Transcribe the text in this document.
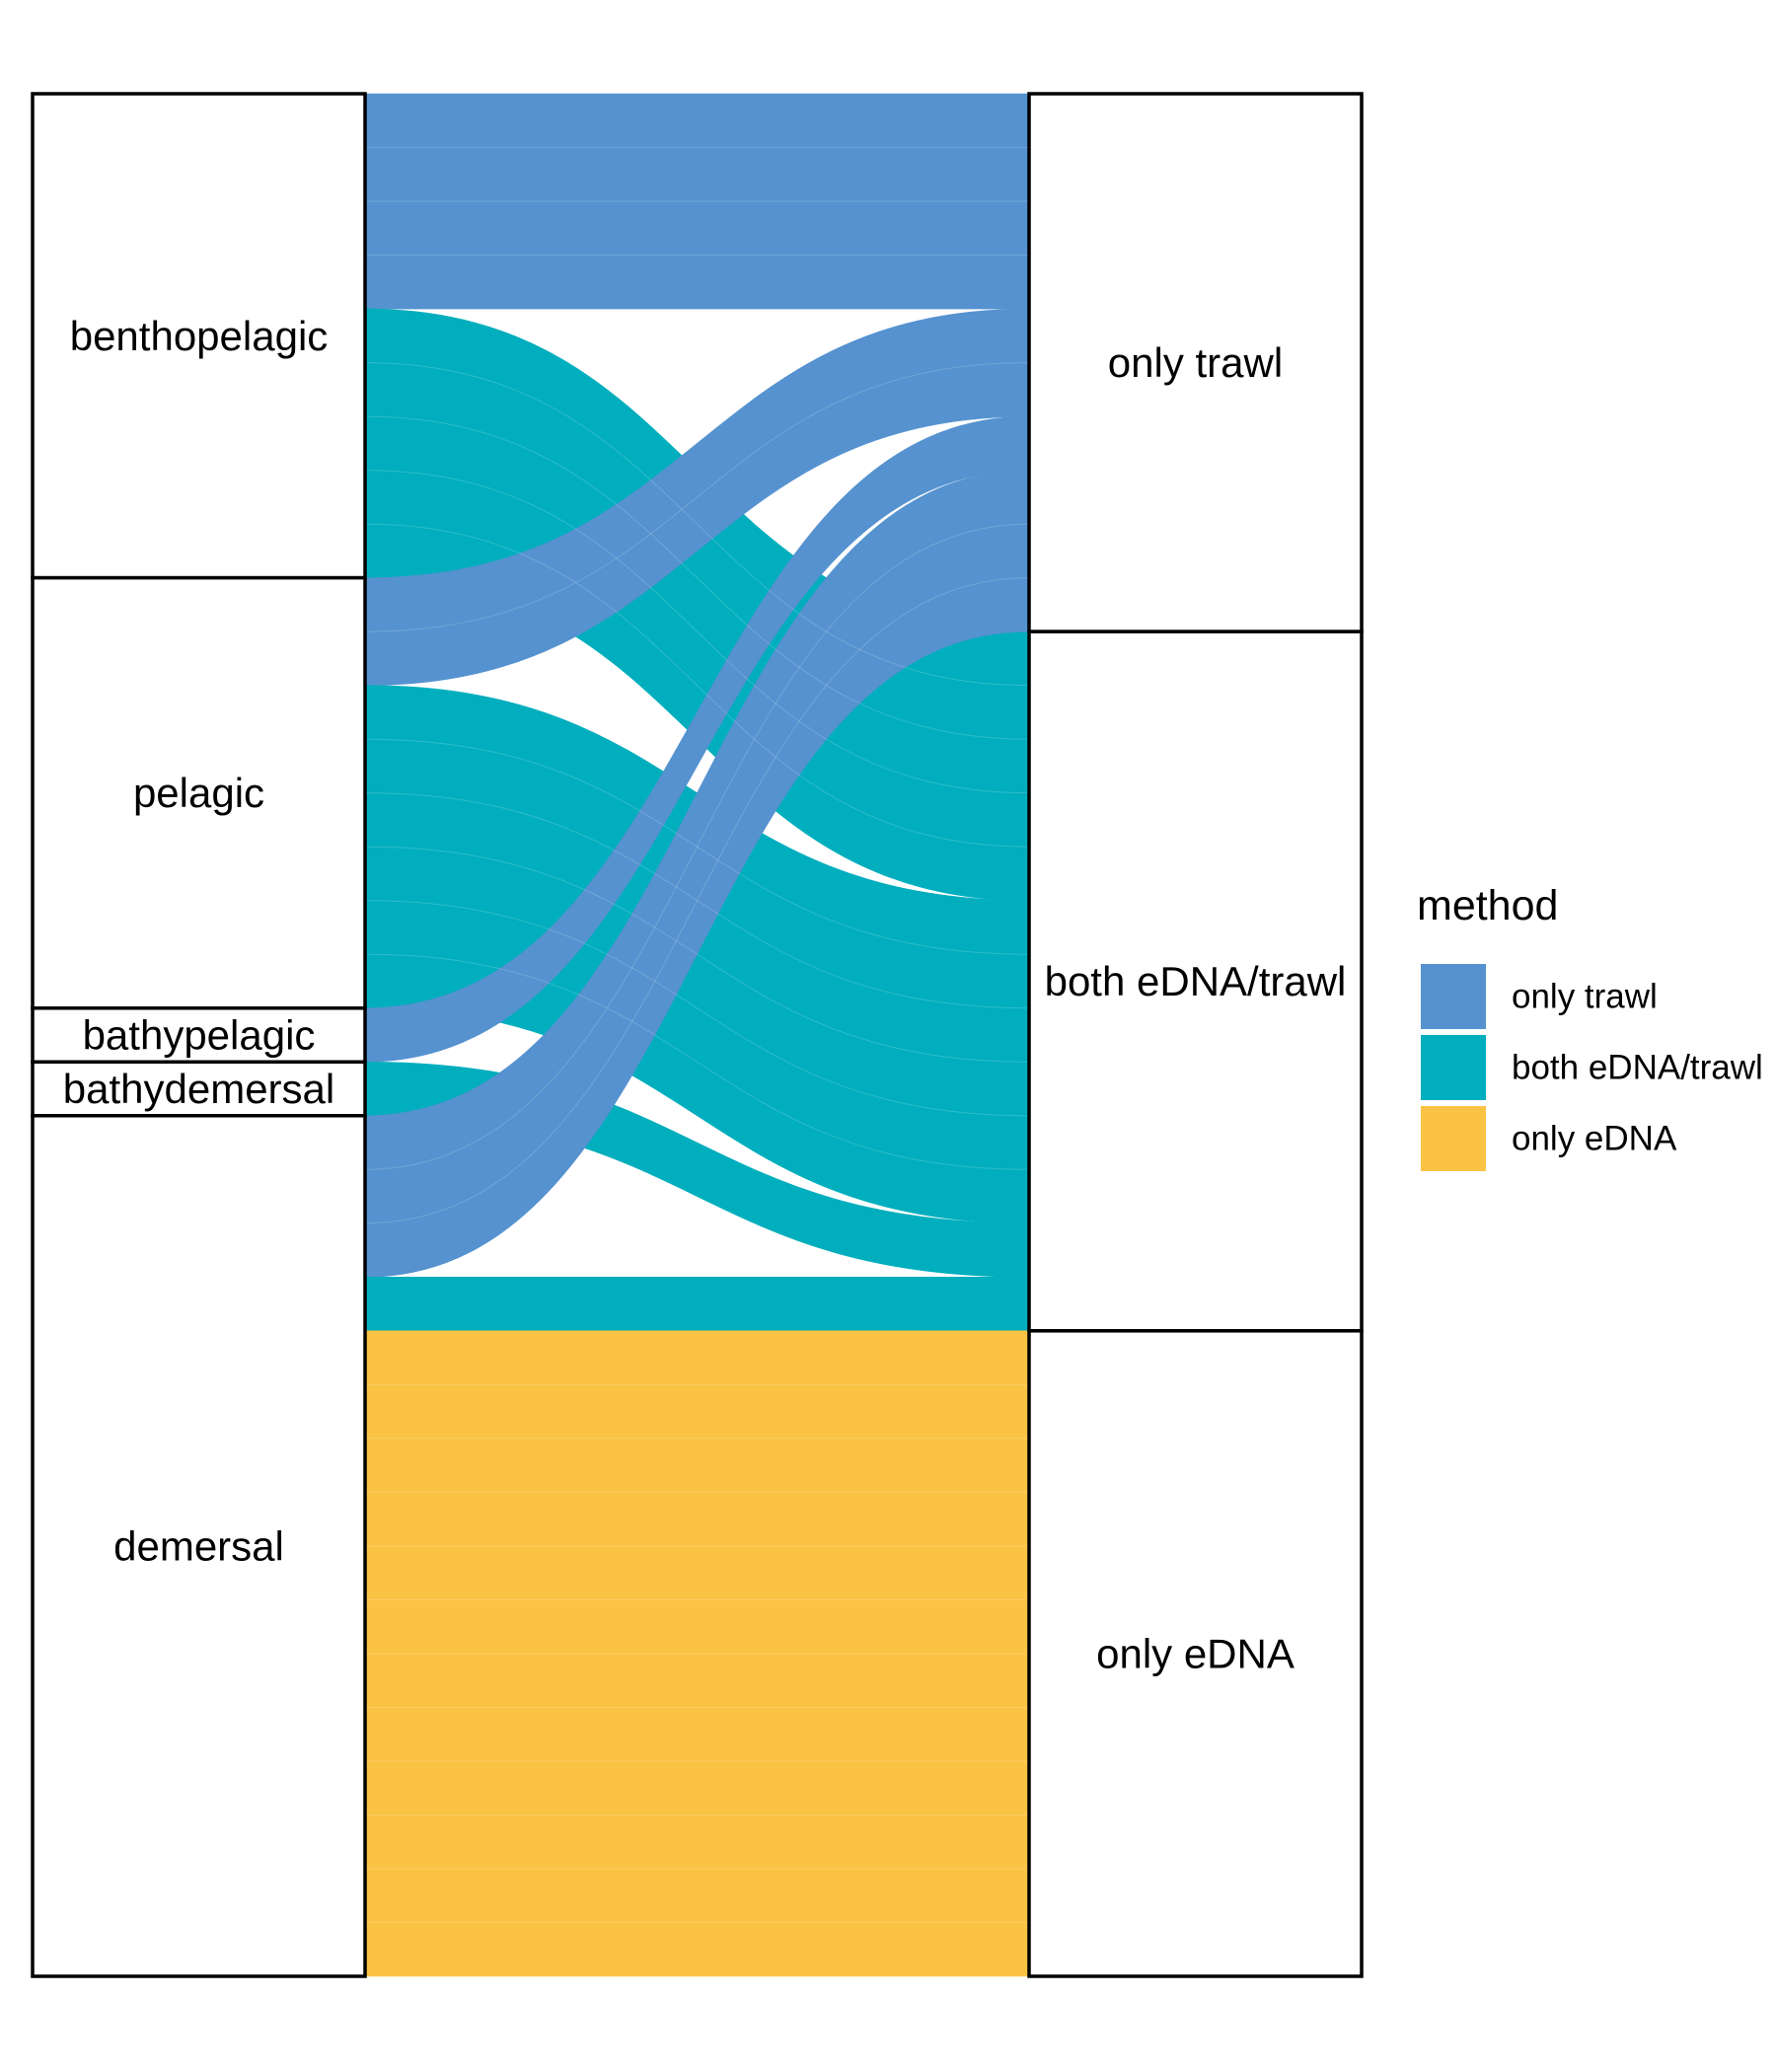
benthopelagic
pelagic
bathypelagic
bathydemersal
demersal
only trawl
both eDNA/trawl
only eDNA
method
only trawl
both eDNA/trawl
only eDNA
